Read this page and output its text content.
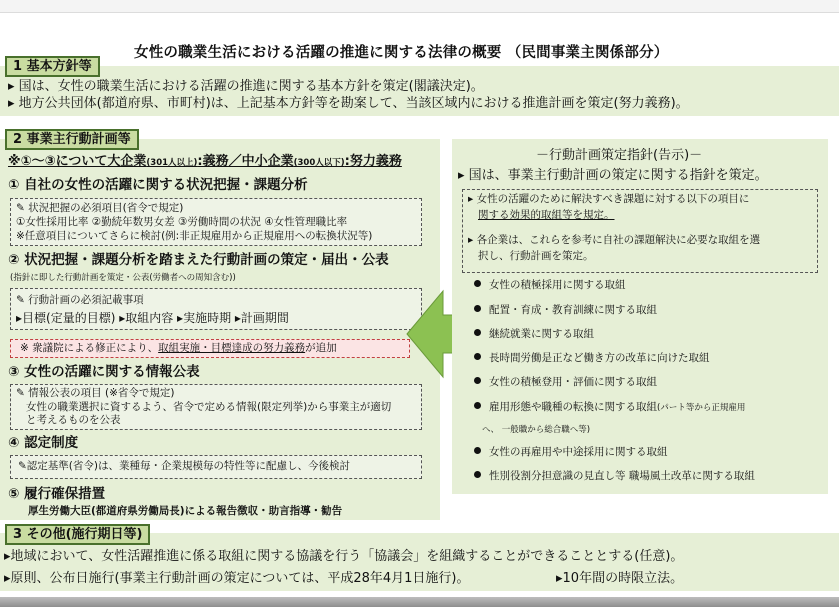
女性の職業生活における活躍の推進に関する法律の概要 （民間事業主関係部分）
1 基本方針等
▸ 国は、女性の職業生活における活躍の推進に関する基本方針を策定(閣議決定)。
▸ 地方公共団体(都道府県、市町村)は、上記基本方針等を勘案して、当該区域内における推進計画を策定(努力義務)。
2 事業主行動計画等
※①～③について大企業(301人以上):義務／中小企業(300人以下):努力義務
① 自社の女性の活躍に関する状況把握・課題分析
✎ 状況把握の必須項目(省令で規定)
①女性採用比率 ②勤続年数男女差 ③労働時間の状況 ④女性管理職比率
※任意項目についてさらに検討(例:非正規雇用から正規雇用への転換状況等)
② 状況把握・課題分析を踏まえた行動計画の策定・届出・公表
(指針に即した行動計画を策定・公表(労働者への周知含む))
✎ 行動計画の必須記載事項
▸目標(定量的目標) ▸取組内容 ▸実施時期 ▸計画期間
※ 衆議院による修正により、取組実施・目標達成の努力義務が追加
③ 女性の活躍に関する情報公表
✎ 情報公表の項目 (※省令で規定)
女性の職業選択に資するよう、省令で定める情報(限定列挙)から事業主が適切
と考えるものを公表
④ 認定制度
✎認定基準(省令)は、業種毎・企業規模毎の特性等に配慮し、今後検討
⑤ 履行確保措置
厚生労働大臣(都道府県労働局長)による報告徴収・助言指導・勧告
－行動計画策定指針(告示)－
▸ 国は、事業主行動計画の策定に関する指針を策定。
▸ 女性の活躍のために解決すべき課題に対する以下の項目に
関する効果的取組等を規定。
▸ 各企業は、これらを参考に自社の課題解決に必要な取組を選
択し、行動計画を策定。
女性の積極採用に関する取組
配置・育成・教育訓練に関する取組
継続就業に関する取組
長時間労働是正など働き方の改革に向けた取組
女性の積極登用・評価に関する取組
雇用形態や職種の転換に関する取組(パート等から正規雇用
へ、 一般職から総合職へ等)
女性の再雇用や中途採用に関する取組
性別役割分担意識の見直し等 職場風土改革に関する取組
3 その他(施行期日等)
▸地域において、女性活躍推進に係る取組に関する協議を行う「協議会」を組織することができることとする(任意)。
▸原則、公布日施行(事業主行動計画の策定については、平成28年4月1日施行)。	▸10年間の時限立法。
